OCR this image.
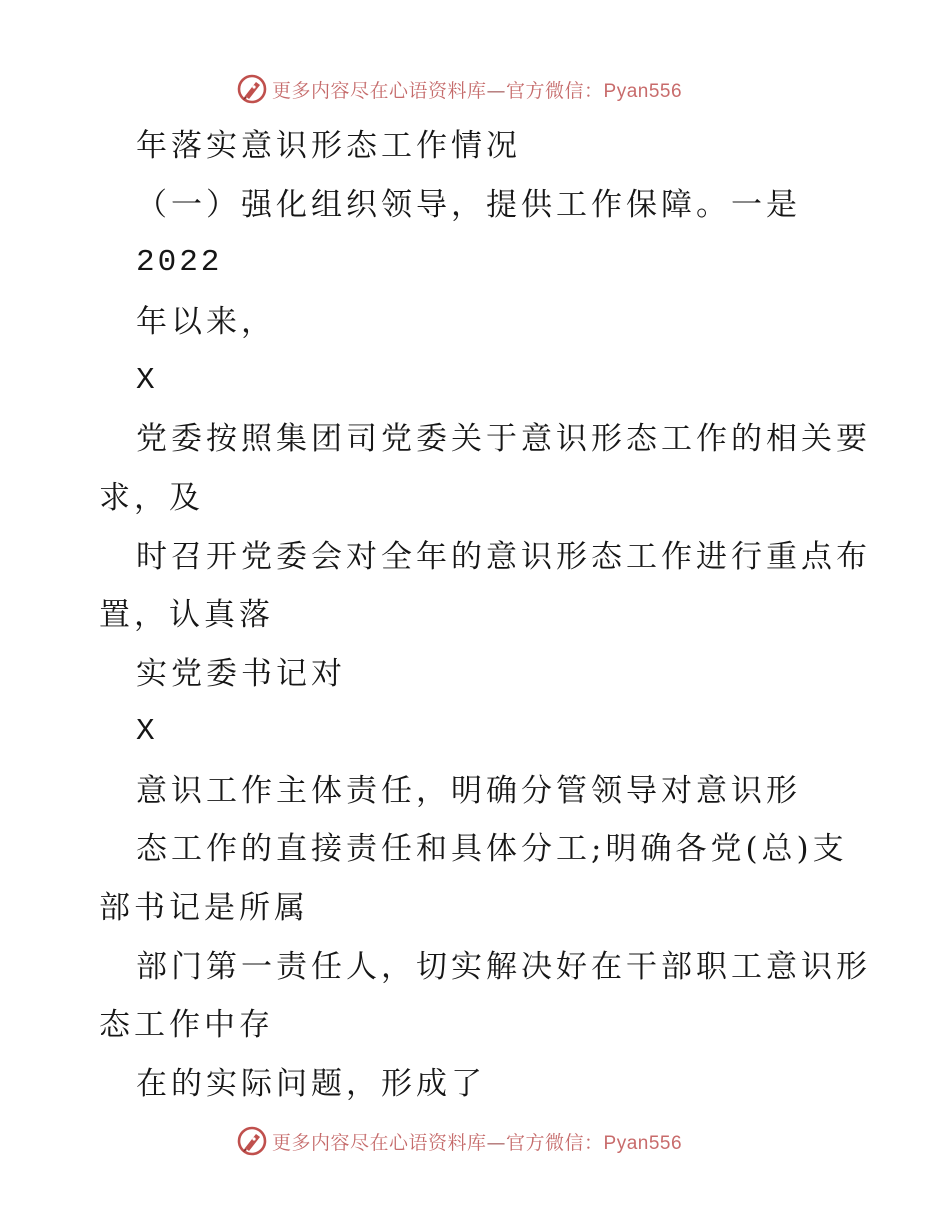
更多内容尽在心语资料库—官方微信：Pyan556
年落实意识形态工作情况
（一）强化组织领导，提供工作保障。一是
2022
年以来，
X
党委按照集团司党委关于意识形态工作的相关要
求，及
时召开党委会对全年的意识形态工作进行重点布
置，认真落
实党委书记对
X
意识工作主体责任，明确分管领导对意识形
态工作的直接责任和具体分工;明确各党(总)支
部书记是所属
部门第一责任人，切实解决好在干部职工意识形
态工作中存
在的实际问题，形成了
更多内容尽在心语资料库—官方微信：Pyan556
